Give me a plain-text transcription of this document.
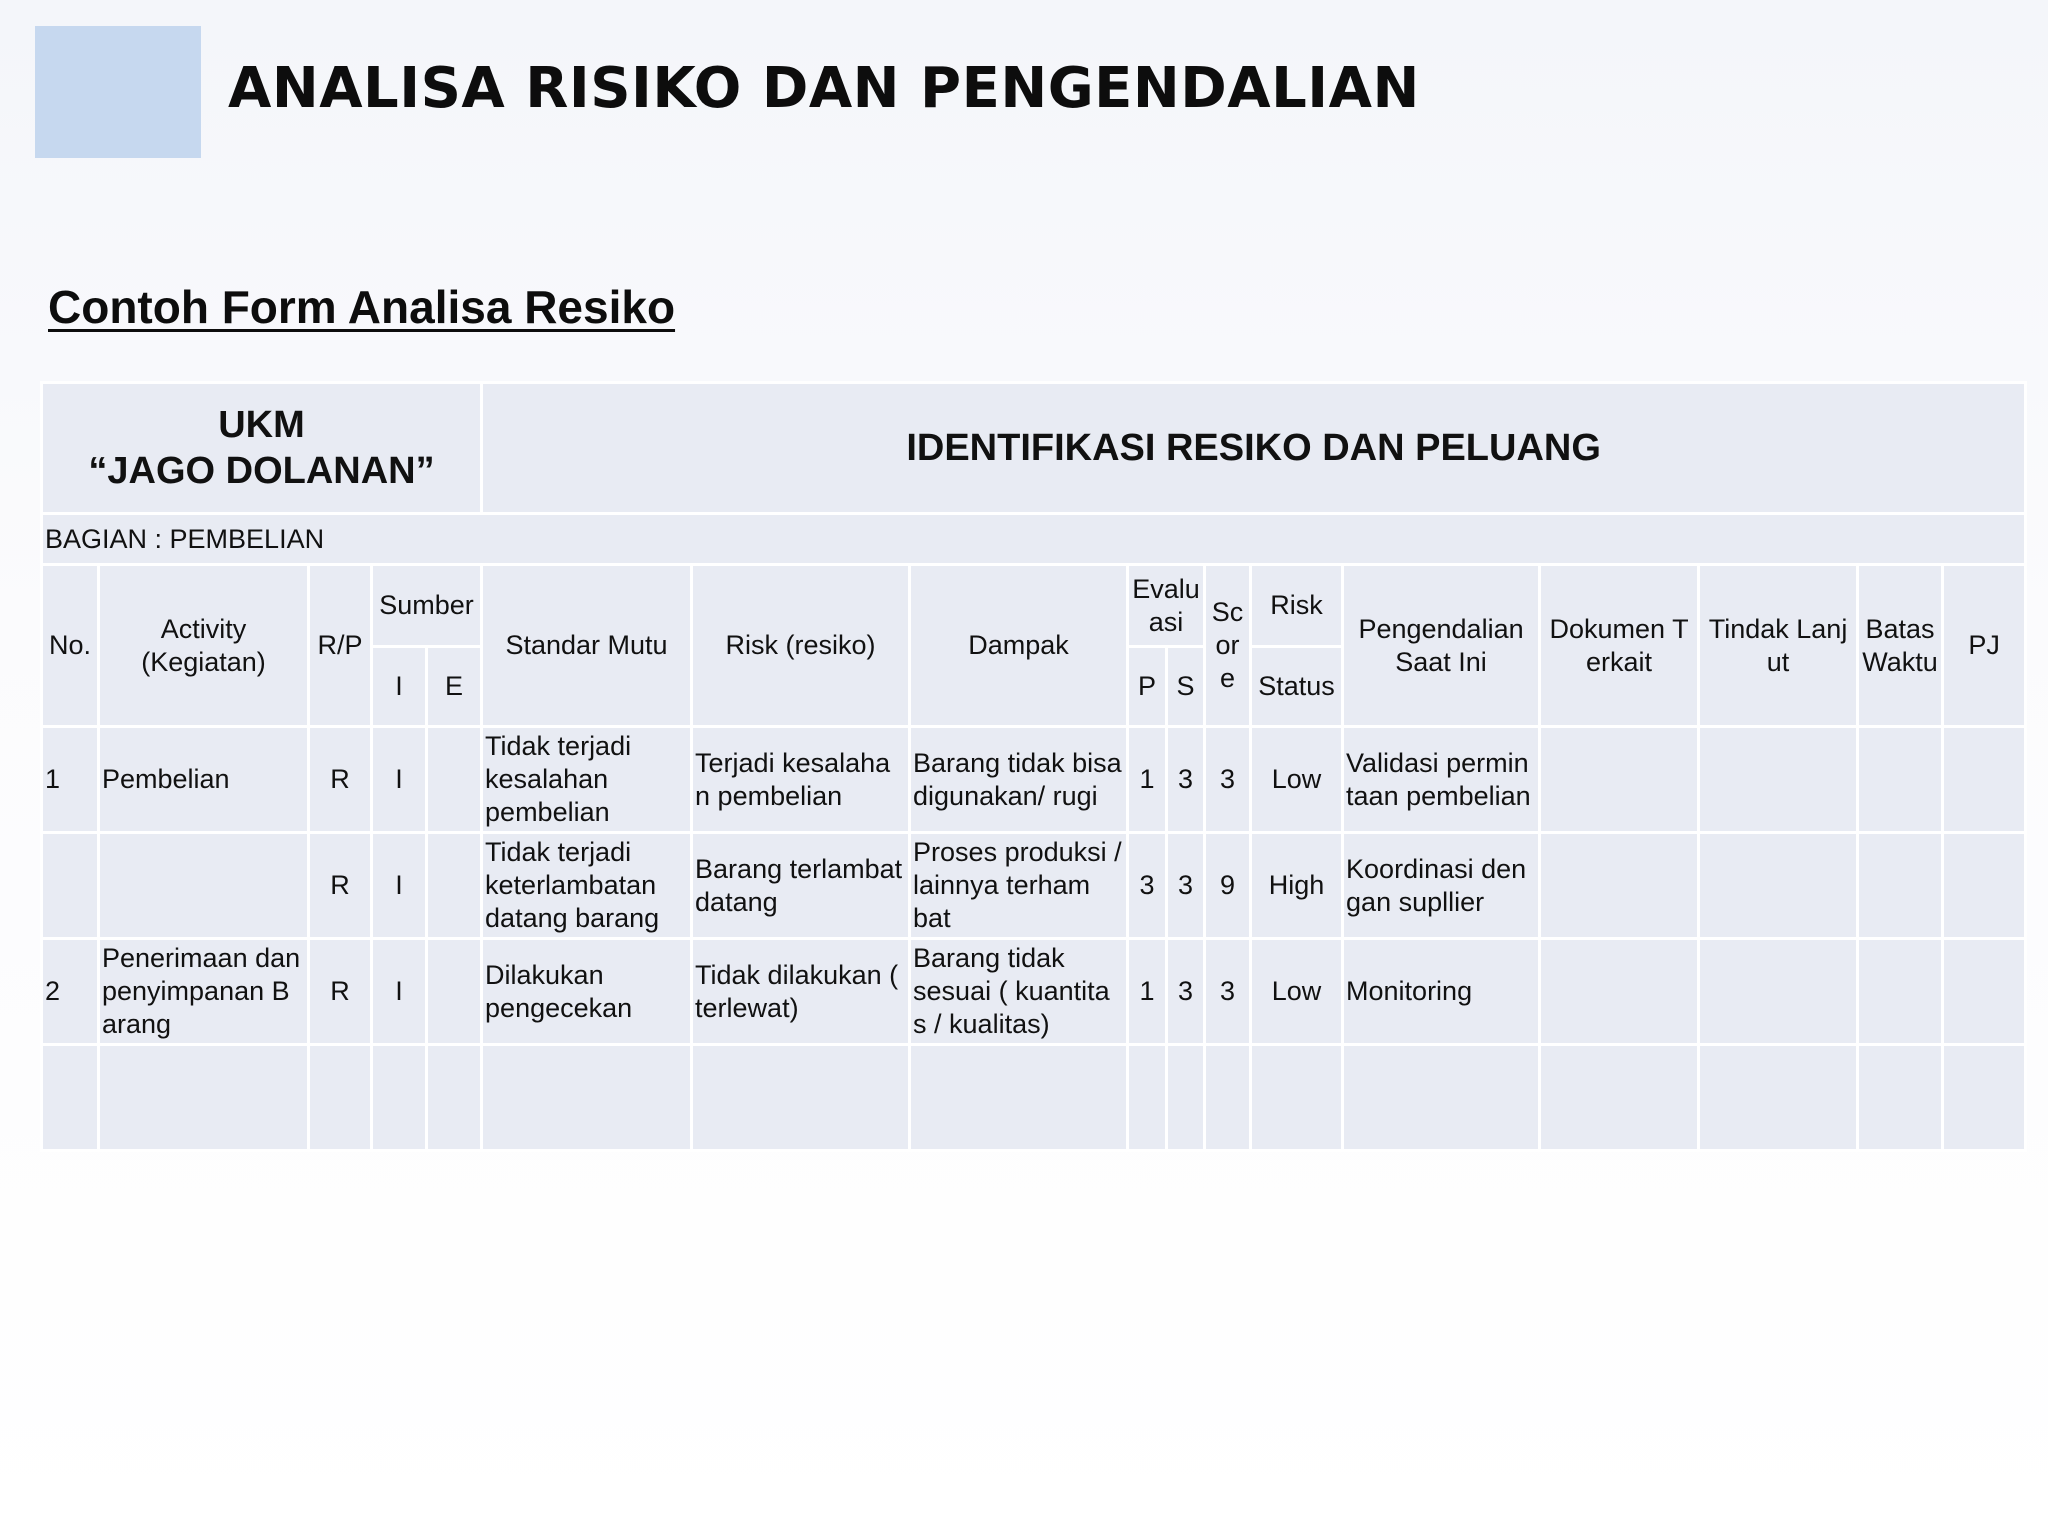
ANALISA RISIKO DAN PENGENDALIAN
Contoh Form Analisa Resiko
UKM
“JAGO DOLANAN”					IDENTIFIKASI RESIKO DAN PELUANG											
BAGIAN : PEMBELIAN																
No.	Activity (Kegiatan)	R/P	Sumber		Standar Mutu	Risk (resiko)	Dampak	Evalu asi		Sc ore	Risk	Pengendalian Saat Ini	Dokumen T erkait	Tindak Lanj ut	Batas Waktu	PJ
			I	E				P	S		Status					
1	Pembelian	R	I		Tidak terjadi kesalahan pembelian	Terjadi kesalaha n pembelian	Barang tidak bisa digunakan/ rugi	1	3	3	Low	Validasi permin taan pembelian				
		R	I		Tidak terjadi keterlambatan datang barang	Barang terlambat datang	Proses produksi / lainnya terham bat	3	3	9	High	Koordinasi den gan supllier				
2	Penerimaan dan penyimpanan B arang	R	I		Dilakukan pengecekan	Tidak dilakukan ( terlewat)	Barang tidak sesuai ( kuantita s / kualitas)	1	3	3	Low	Monitoring				
